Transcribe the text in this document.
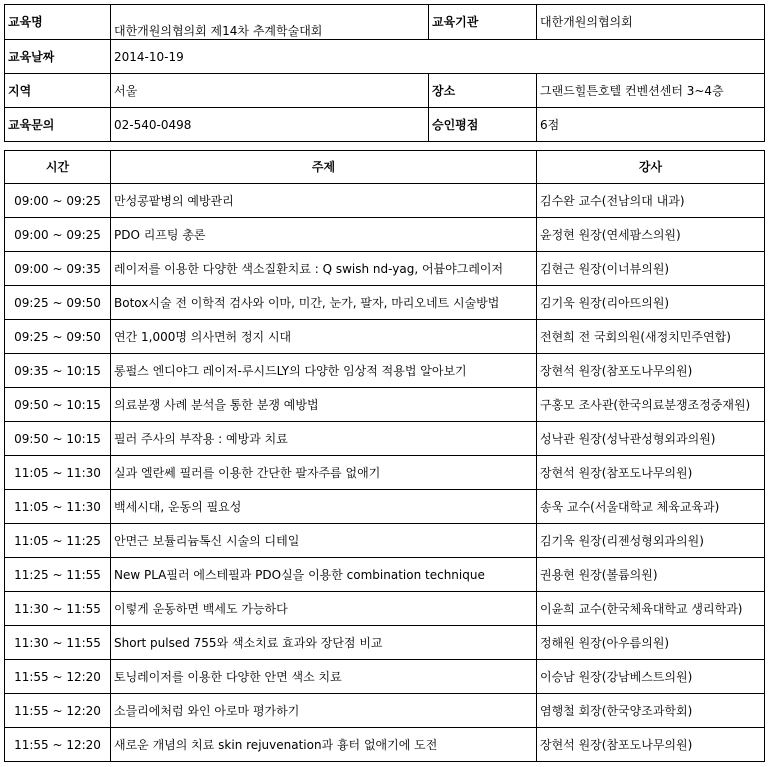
교육명	대한개원의협의회 제14차 추계학술대회	교육기관	대한개원의협의회
교육날짜	2014-10-19		
지역	서울	장소	그랜드힐튼호텔 컨벤션센터 3~4층
교육문의	02-540-0498	승인평점	6점
시간	주제	강사
09:00 ~ 09:25	만성콩팥병의 예방관리	김수완 교수(전남의대 내과)
09:00 ~ 09:25	PDO 리프팅 총론	윤정현 원장(연세팜스의원)
09:00 ~ 09:35	레이저를 이용한 다양한 색소질환치료 : Q swish nd-yag, 어븀야그레이저	김현근 원장(이너뷰의원)
09:25 ~ 09:50	Botox시술 전 이학적 검사와 이마, 미간, 눈가, 팔자, 마리오네트 시술방법	김기욱 원장(리아뜨의원)
09:25 ~ 09:50	연간 1,000명 의사면허 정지 시대	전현희 전 국회의원(새정치민주연합)
09:35 ~ 10:15	롱펄스 엔디야그 레이저-루시드LY의 다양한 임상적 적용법 알아보기	장현석 원장(참포도나무의원)
09:50 ~ 10:15	의료분쟁 사례 분석을 통한 분쟁 예방법	구홍모 조사관(한국의료분쟁조정중재원)
09:50 ~ 10:15	필러 주사의 부작용 : 예방과 치료	성낙관 원장(성낙관성형외과의원)
11:05 ~ 11:30	실과 엘란쎄 필러를 이용한 간단한 팔자주름 없애기	장현석 원장(참포도나무의원)
11:05 ~ 11:30	백세시대, 운동의 필요성	송욱 교수(서울대학교 체육교육과)
11:05 ~ 11:25	안면근 보튤리늄톡신 시술의 디테일	김기욱 원장(리젠성형외과의원)
11:25 ~ 11:55	New PLA필러 에스테필과 PDO실을 이용한 combination technique	권용현 원장(볼륨의원)
11:30 ~ 11:55	이렇게 운동하면 백세도 가능하다	이윤희 교수(한국체육대학교 생리학과)
11:30 ~ 11:55	Short pulsed 755와 색소치료 효과와 장단점 비교	정해원 원장(아우름의원)
11:55 ~ 12:20	토닝레이저를 이용한 다양한 안면 색소 치료	이승남 원장(강남베스트의원)
11:55 ~ 12:20	소믈리에처럼 와인 아로마 평가하기	염행철 회장(한국양조과학회)
11:55 ~ 12:20	새로운 개념의 치료 skin rejuvenation과 흉터 없애기에 도전	장현석 원장(참포도나무의원)
